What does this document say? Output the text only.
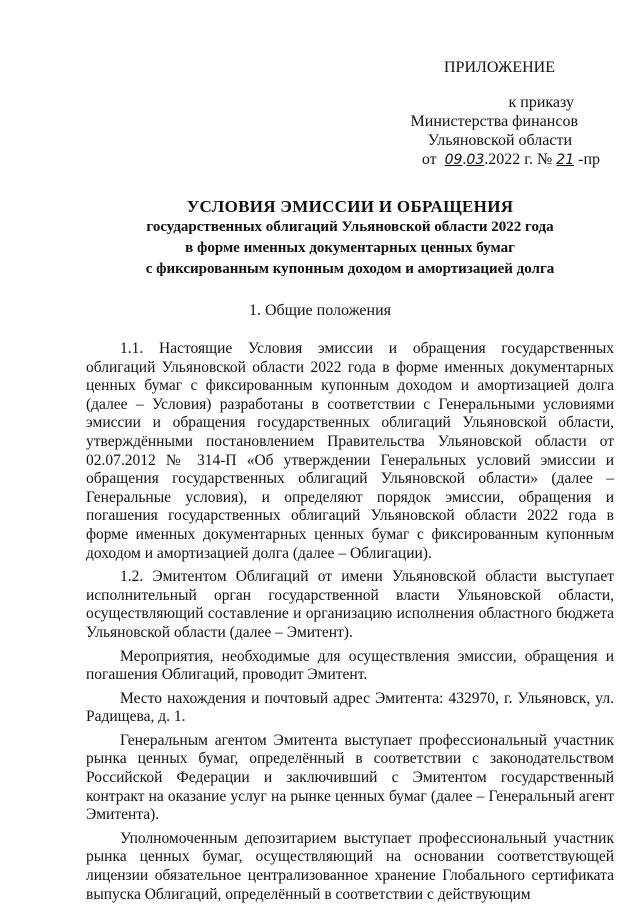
ПРИЛОЖЕНИЕ
к приказу
Министерства финансов
Ульяновской области
от 09.03.2022 г. № 21 -пр
УСЛОВИЯ ЭМИССИИ И ОБРАЩЕНИЯ
государственных облигаций Ульяновской области 2022 года
в форме именных документарных ценных бумаг
с фиксированным купонным доходом и амортизацией долга
1. Общие положения

1.1. Настоящие Условия эмиссии и обращения государственных облигаций Ульяновской области 2022 года в форме именных документарных ценных бумаг с фиксированным купонным доходом и амортизацией долга (далее – Условия) разработаны в соответствии с Генеральными условиями эмиссии и обращения государственных облигаций Ульяновской области, утверждёнными постановлением Правительства Ульяновской области от 02.07.2012 № 314-П «Об утверждении Генеральных условий эмиссии и обращения государственных облигаций Ульяновской области» (далее – Генеральные условия), и определяют порядок эмиссии, обращения и погашения государственных облигаций Ульяновской области 2022 года в форме именных документарных ценных бумаг с фиксированным купонным доходом и амортизацией долга (далее – Облигации).

1.2. Эмитентом Облигаций от имени Ульяновской области выступает исполнительный орган государственной власти Ульяновской области, осуществляющий составление и организацию исполнения областного бюджета Ульяновской области (далее – Эмитент).

Мероприятия, необходимые для осуществления эмиссии, обращения и погашения Облигаций, проводит Эмитент.

Место нахождения и почтовый адрес Эмитента: 432970, г. Ульяновск, ул. Радищева, д. 1.

Генеральным агентом Эмитента выступает профессиональный участник рынка ценных бумаг, определённый в соответствии с законодательством Российской Федерации и заключивший с Эмитентом государственный контракт на оказание услуг на рынке ценных бумаг (далее – Генеральный агент Эмитента).

Уполномоченным депозитарием выступает профессиональный участник рынка ценных бумаг, осуществляющий на основании соответствующей лицензии обязательное централизованное хранение Глобального сертификата выпуска Облигаций, определённый в соответствии с действующим
